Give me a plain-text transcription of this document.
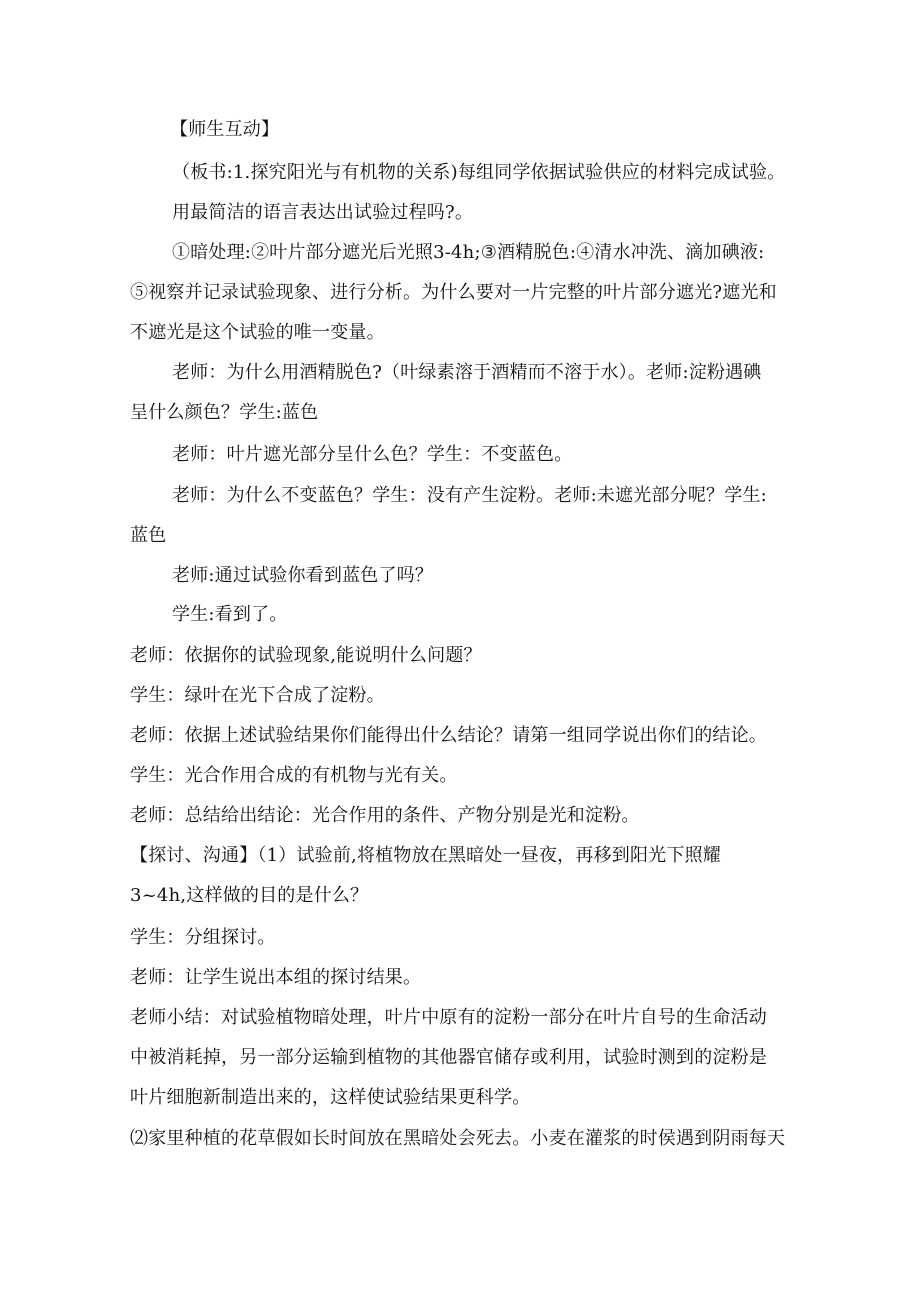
【师生互动】
（板书:1.探究阳光与有机物的关系)每组同学依据试验供应的材料完成试验。
用最简洁的语言表达出试验过程吗?。
①暗处理:②叶片部分遮光后光照3-4h;③酒精脱色:④清水冲洗、滴加碘液:
⑤视察并记录试验现象、进行分析。为什么要对一片完整的叶片部分遮光?遮光和
不遮光是这个试验的唯一变量。
老师：为什么用酒精脱色?（叶绿素溶于酒精而不溶于水）。老师:淀粉遇碘
呈什么颜色？学生:蓝色
老师：叶片遮光部分呈什么色？学生：不变蓝色。
老师：为什么不变蓝色？学生：没有产生淀粉。老师:未遮光部分呢？学生:
蓝色
老师:通过试验你看到蓝色了吗？
学生:看到了。
老师：依据你的试验现象,能说明什么问题？
学生：绿叶在光下合成了淀粉。
老师：依据上述试验结果你们能得出什么结论？请第一组同学说出你们的结论。
学生：光合作用合成的有机物与光有关。
老师：总结给出结论：光合作用的条件、产物分别是光和淀粉。
【探讨、沟通】（1）试验前,将植物放在黑暗处一昼夜，再移到阳光下照耀
3~4h,这样做的目的是什么？
学生：分组探讨。
老师：让学生说出本组的探讨结果。
老师小结：对试验植物暗处理，叶片中原有的淀粉一部分在叶片自号的生命活动
中被消耗掉，另一部分运输到植物的其他器官储存或利用，试验时测到的淀粉是
叶片细胞新制造出来的，这样使试验结果更科学。
⑵家里种植的花草假如长时间放在黑暗处会死去。小麦在灌浆的时侯遇到阴雨每天
